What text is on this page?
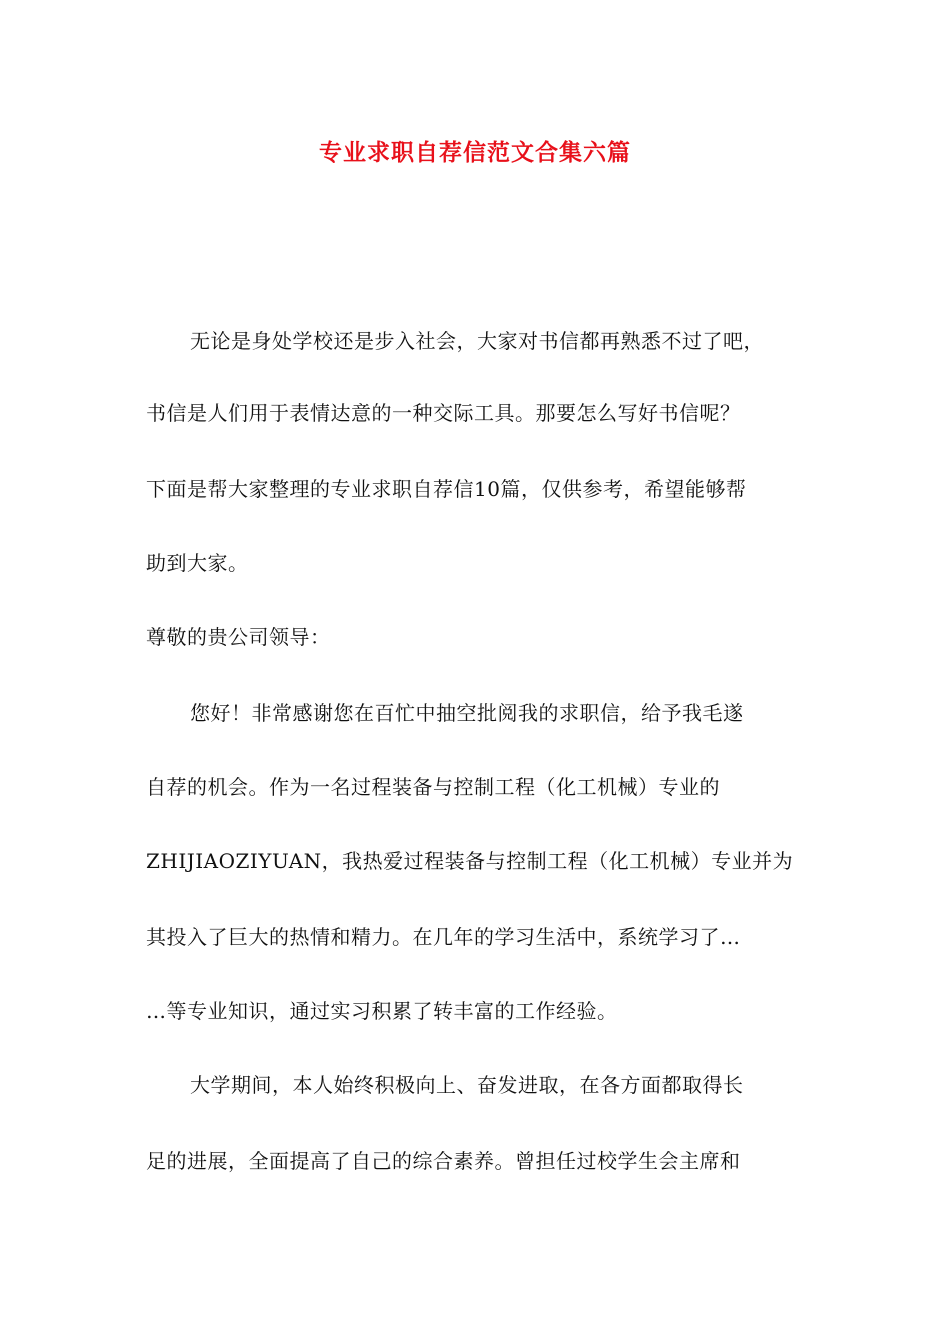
专业求职自荐信范文合集六篇

无论是身处学校还是步入社会，大家对书信都再熟悉不过了吧，

书信是人们用于表情达意的一种交际工具。那要怎么写好书信呢？

下面是帮大家整理的专业求职自荐信10篇，仅供参考，希望能够帮

助到大家。

尊敬的贵公司领导：

您好！非常感谢您在百忙中抽空批阅我的求职信，给予我毛遂

自荐的机会。作为一名过程装备与控制工程（化工机械）专业的

ZHIJIAOZIYUAN，我热爱过程装备与控制工程（化工机械）专业并为

其投入了巨大的热情和精力。在几年的学习生活中，系统学习了…

…等专业知识，通过实习积累了转丰富的工作经验。

大学期间，本人始终积极向上、奋发进取，在各方面都取得长

足的进展，全面提高了自己的综合素养。曾担任过校学生会主席和
